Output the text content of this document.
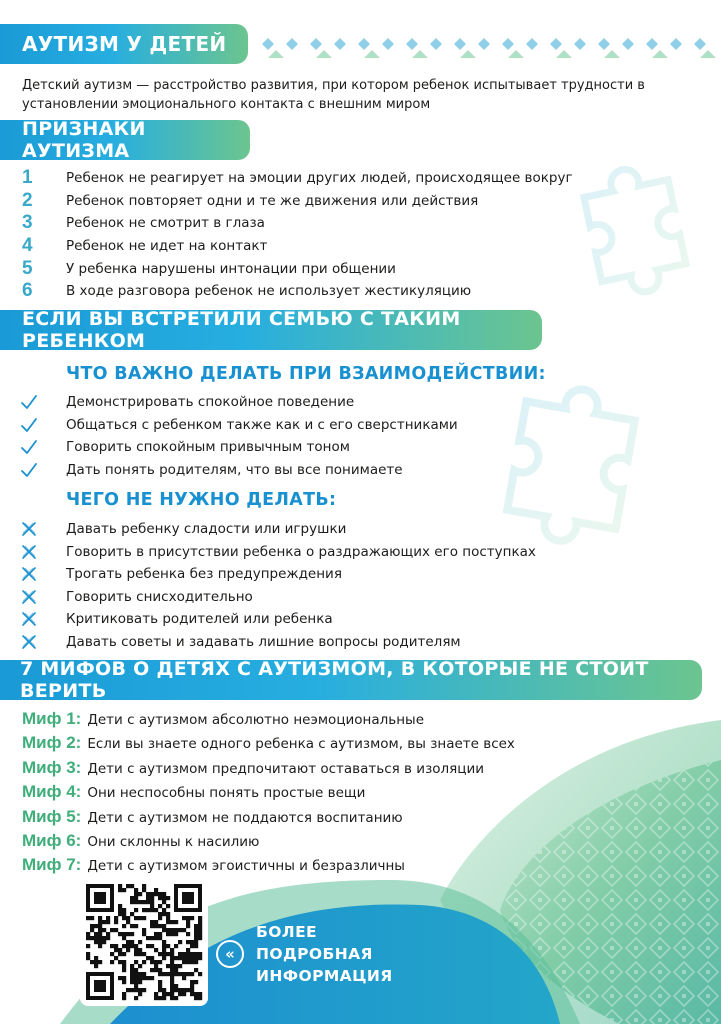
АУТИЗМ У ДЕТЕЙ
Детский аутизм — расстройство развития, при котором ребенок испытывает трудности в установлении эмоционального контакта с внешним миром
ПРИЗНАКИ АУТИЗМА
1	Ребенок не реагирует на эмоции других людей, происходящее вокруг
2	Ребенок повторяет одни и те же движения или действия
3	Ребенок не смотрит в глаза
4	Ребенок не идет на контакт
5	У ребенка нарушены интонации при общении
6	В ходе разговора ребенок не использует жестикуляцию
ЕСЛИ ВЫ ВСТРЕТИЛИ СЕМЬЮ С ТАКИМ РЕБЕНКОМ
ЧТО ВАЖНО ДЕЛАТЬ ПРИ ВЗАИМОДЕЙСТВИИ:
Демонстрировать спокойное поведение
Общаться с ребенком также как и с его сверстниками
Говорить спокойным привычным тоном
Дать понять родителям, что вы все понимаете
ЧЕГО НЕ НУЖНО ДЕЛАТЬ:
Давать ребенку сладости или игрушки
Говорить в присутствии ребенка о раздражающих его поступках
Трогать ребенка без предупреждения
Говорить снисходительно
Критиковать родителей или ребенка
Давать советы и задавать лишние вопросы родителям
7 МИФОВ О ДЕТЯХ С АУТИЗМОМ, В КОТОРЫЕ НЕ СТОИТ ВЕРИТЬ
Миф 1: Дети с аутизмом абсолютно неэмоциональные
Миф 2: Если вы знаете одного ребенка с аутизмом, вы знаете всех
Миф 3: Дети с аутизмом предпочитают оставаться в изоляции
Миф 4: Они неспособны понять простые вещи
Миф 5: Дети с аутизмом не поддаются воспитанию
Миф 6: Они склонны к насилию
Миф 7: Дети с аутизмом эгоистичны и безразличны
«
БОЛЕЕ
ПОДРОБНАЯ
ИНФОРМАЦИЯ
